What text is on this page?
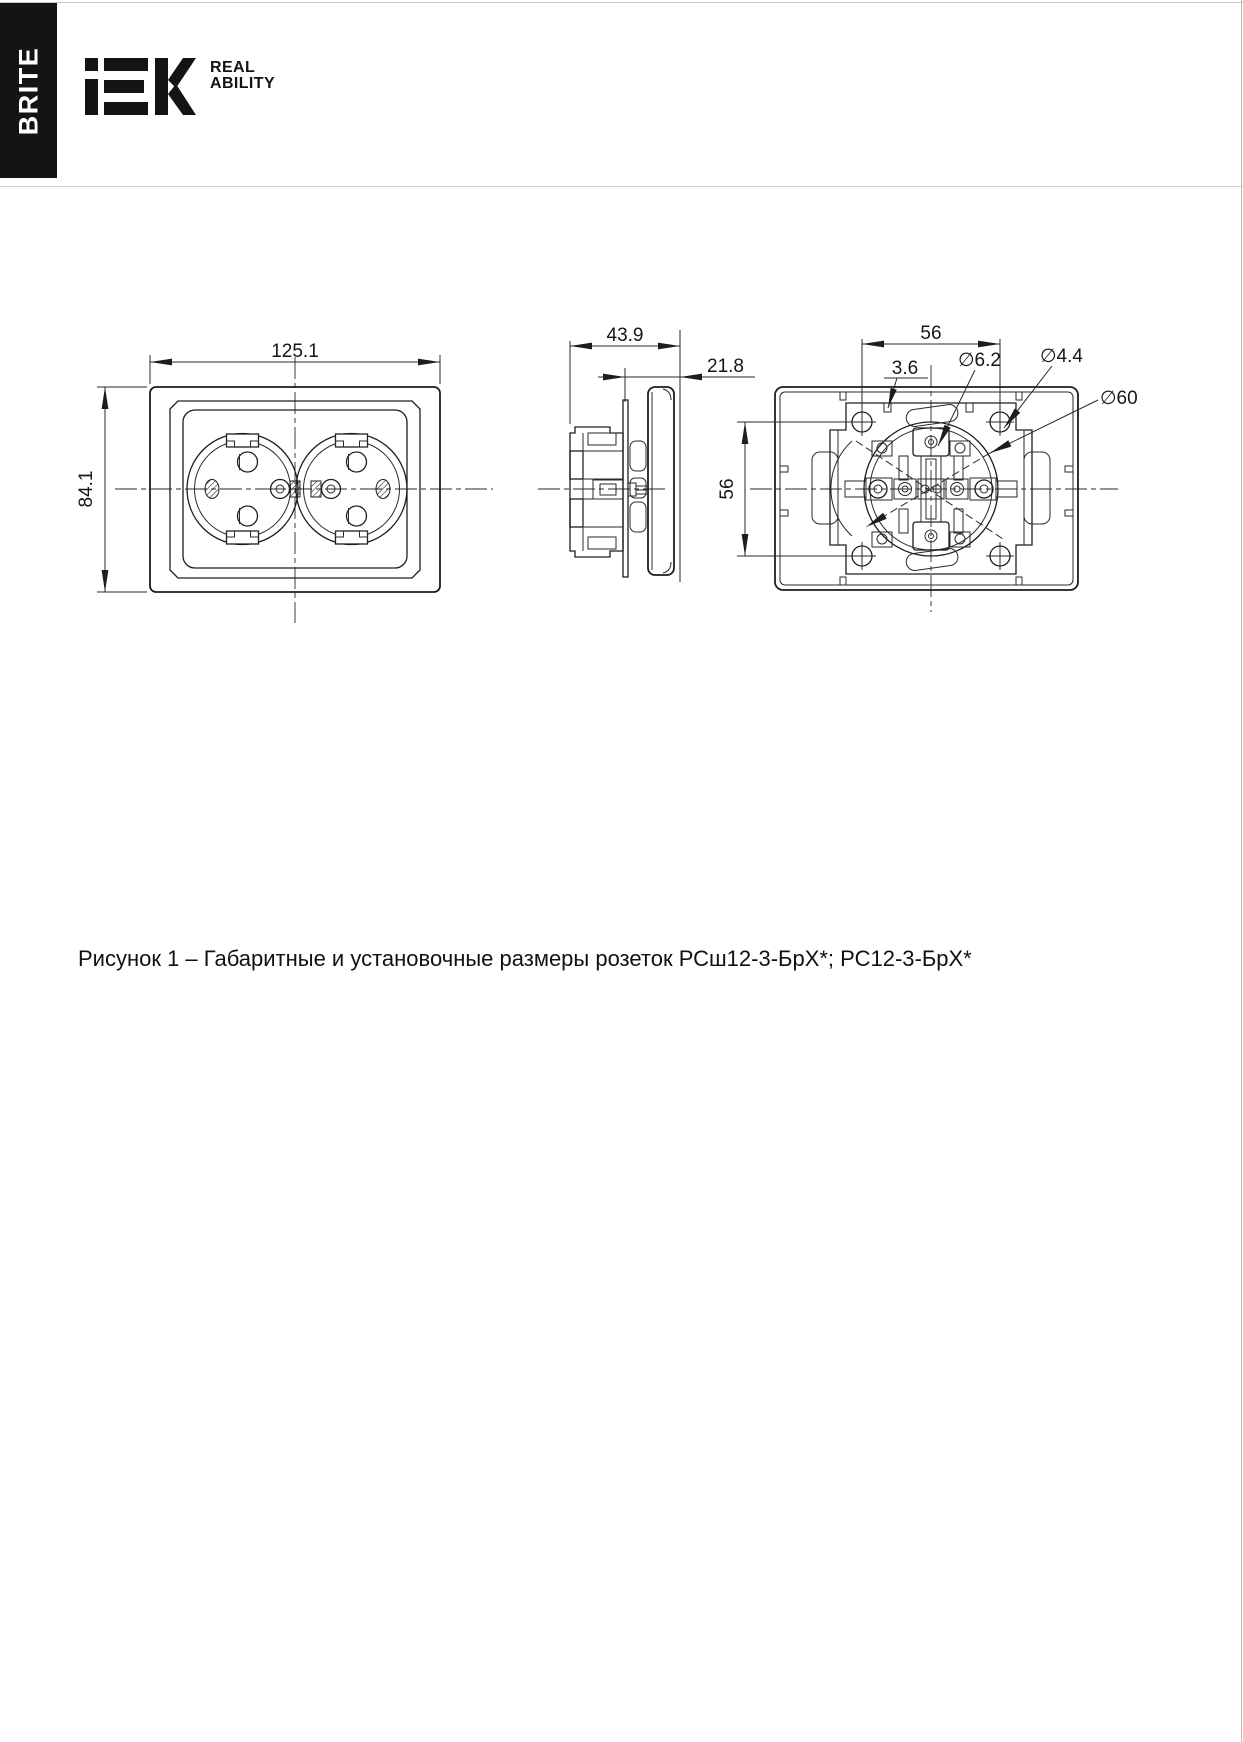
BRITE	REAL
ABILITY
125.1
84.1
43.9
21.8
56
56
3.6 ∅6.2 ∅4.4
∅60
Рисунок 1 – Габаритные и установочные размеры розеток РСш12-3-БрХ*; РС12-3-БрХ*
